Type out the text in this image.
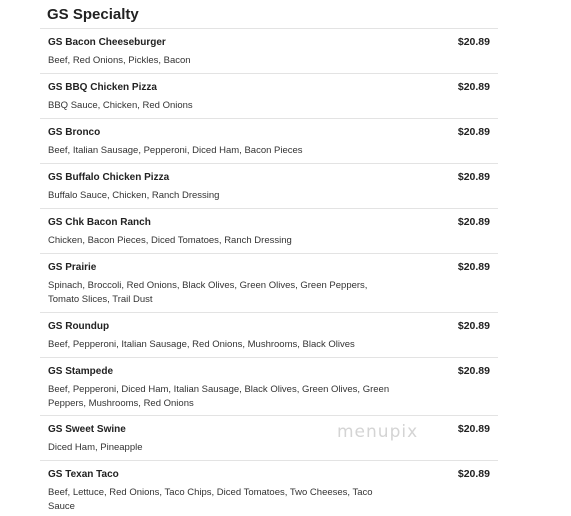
GS Specialty
GS Bacon Cheeseburger
Beef, Red Onions, Pickles, Bacon
$20.89
GS BBQ Chicken Pizza
BBQ Sauce, Chicken, Red Onions
$20.89
GS Bronco
Beef, Italian Sausage, Pepperoni, Diced Ham, Bacon Pieces
$20.89
GS Buffalo Chicken Pizza
Buffalo Sauce, Chicken, Ranch Dressing
$20.89
GS Chk Bacon Ranch
Chicken, Bacon Pieces, Diced Tomatoes, Ranch Dressing
$20.89
GS Prairie
Spinach, Broccoli, Red Onions, Black Olives, Green Olives, Green Peppers, Tomato Slices, Trail Dust
$20.89
GS Roundup
Beef, Pepperoni, Italian Sausage, Red Onions, Mushrooms, Black Olives
$20.89
GS Stampede
Beef, Pepperoni, Diced Ham, Italian Sausage, Black Olives, Green Olives, Green Peppers, Mushrooms, Red Onions
$20.89
GS Sweet Swine
Diced Ham, Pineapple
$20.89
GS Texan Taco
Beef, Lettuce, Red Onions, Taco Chips, Diced Tomatoes, Two Cheeses, Taco Sauce
$20.89
menupix
